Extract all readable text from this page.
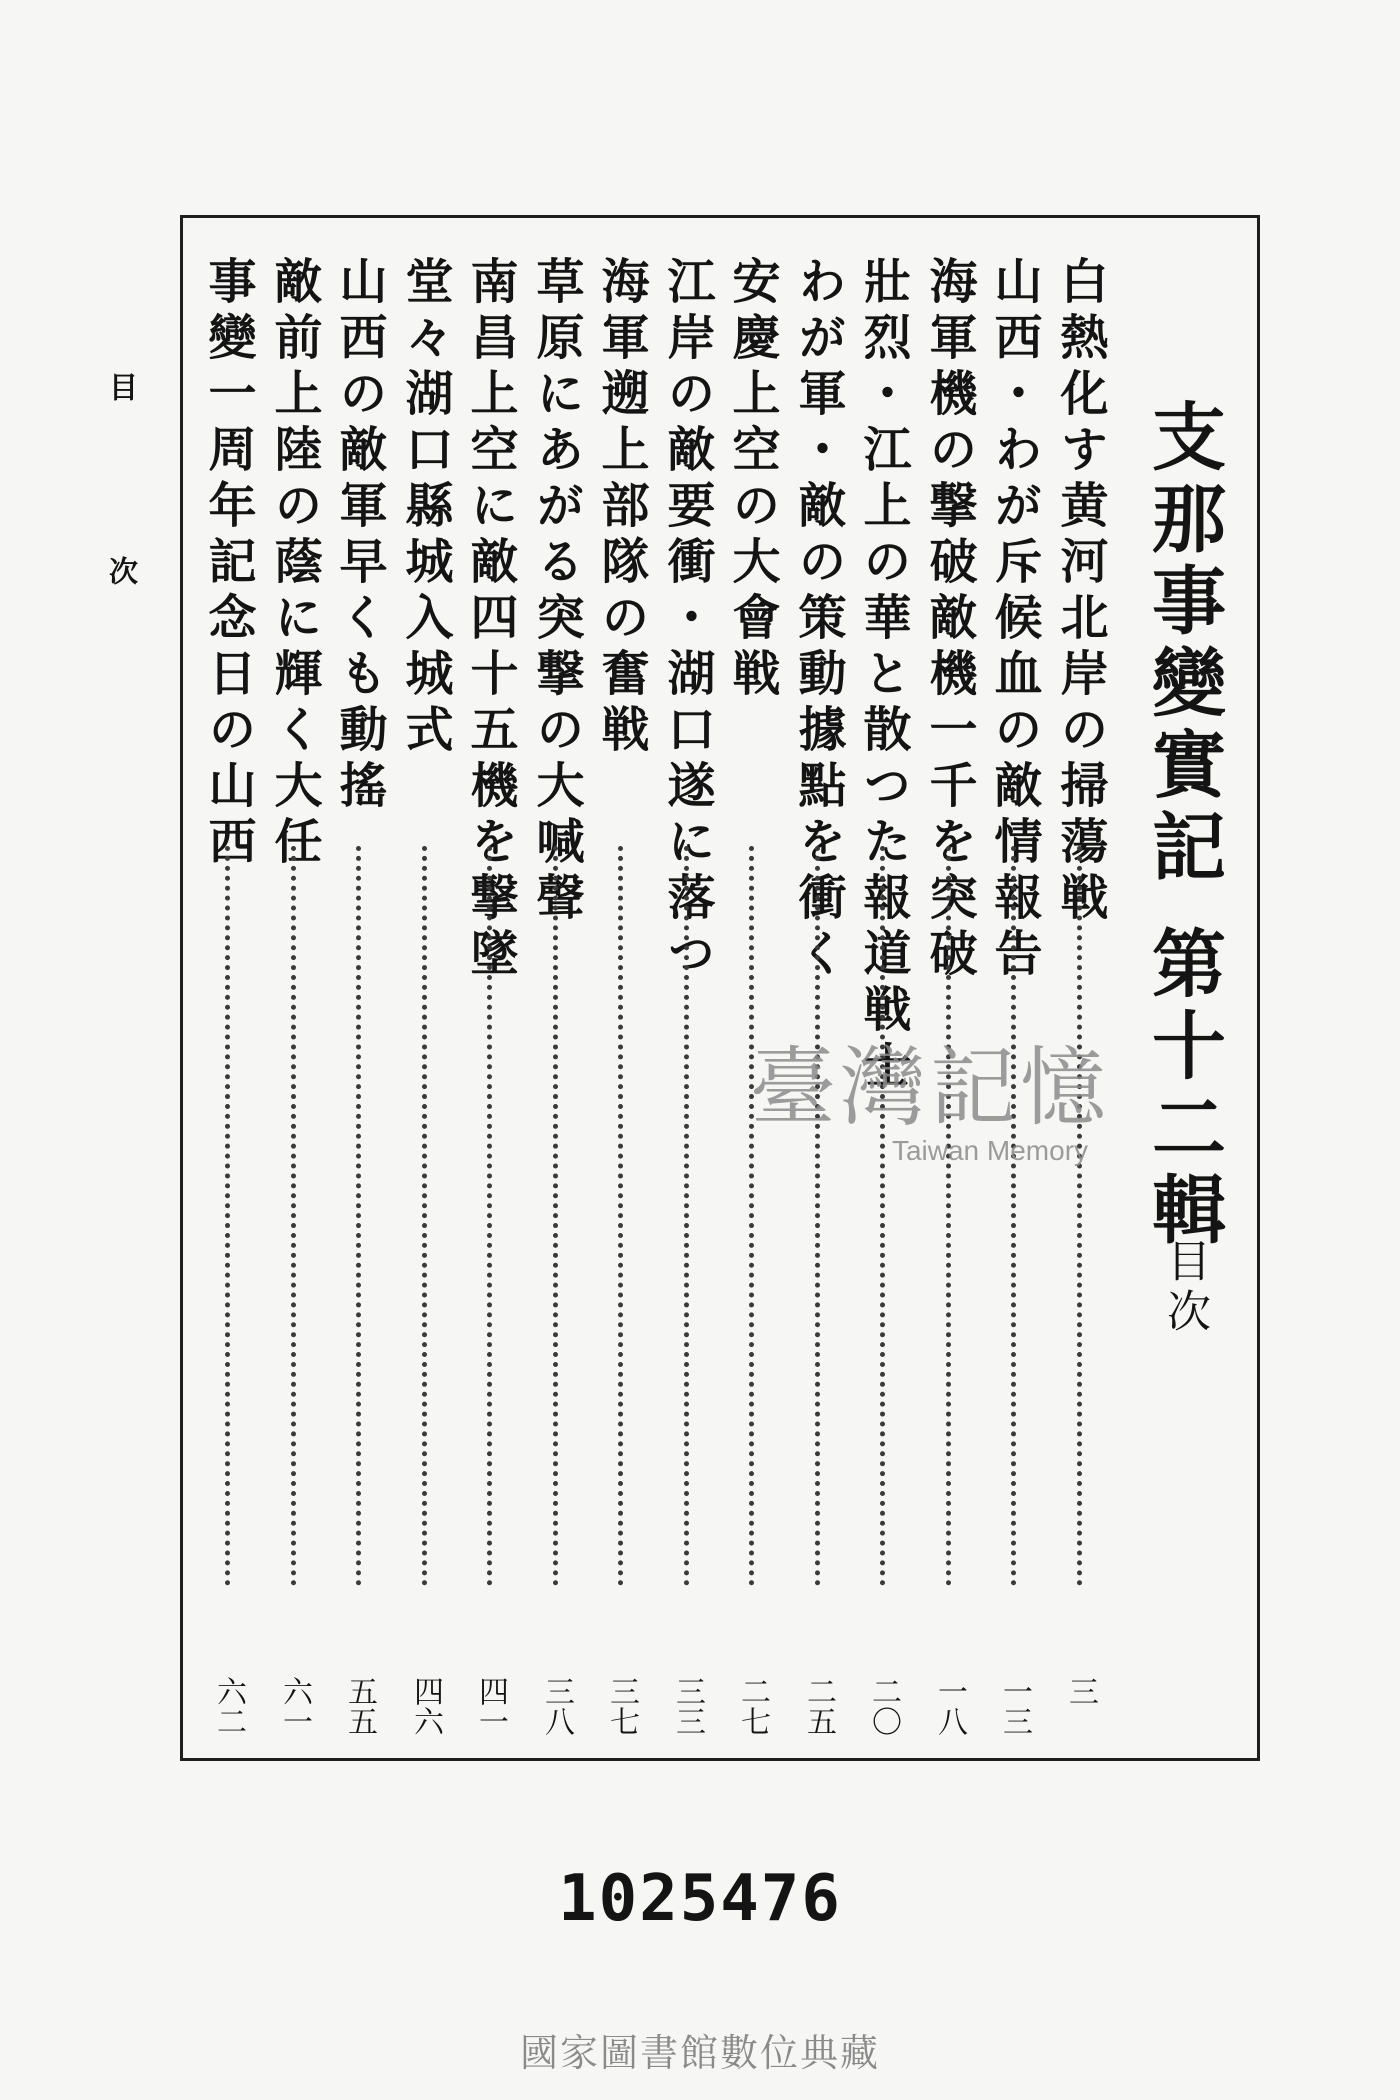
目次	支那事變實記
第十二輯
目次
白熱化す黄河北岸の掃蕩戦
三
山西・わが斥候血の敵情報告
一三
海軍機の撃破敵機一千を突破
一八
壯烈・江上の華と散つた報道戦士
二〇
わが軍・敵の策動據點を衝く
二五
安慶上空の大會戦
二七
江岸の敵要衝・湖口遂に落つ
三三
海軍遡上部隊の奮戦
三七
草原にあがる突撃の大喊聲
三八
南昌上空に敵四十五機を撃墜
四一
堂々湖口縣城入城式
四六
山西の敵軍早くも動搖
五五
敵前上陸の蔭に輝く大任
六一
事變一周年記念日の山西
六二
臺灣記憶
Taiwan Memory
1025476
國家圖書館數位典藏
